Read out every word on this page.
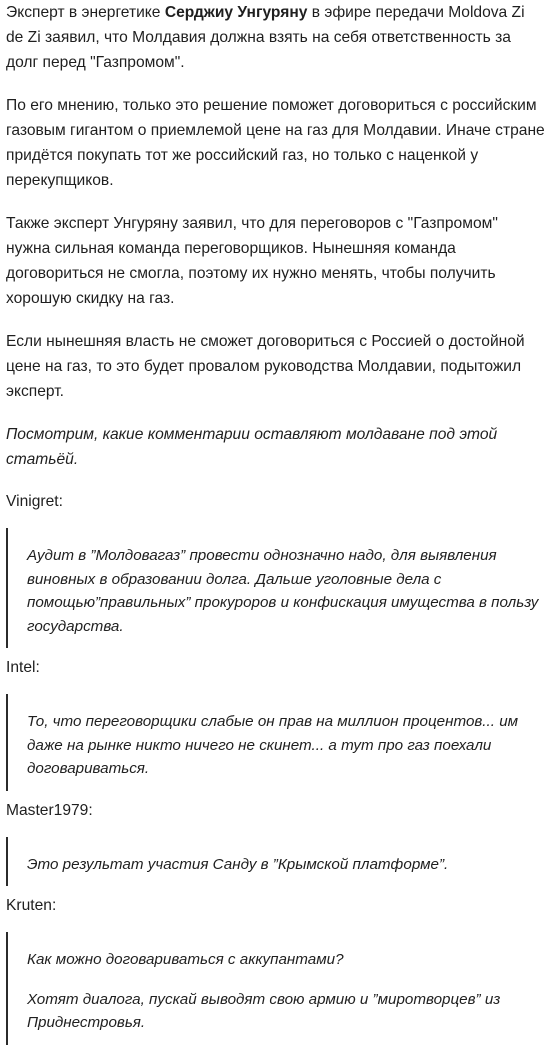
Эксперт в энергетике Серджиу Унгуряну в эфире передачи Moldova Zi de Zi заявил, что Молдавия должна взять на себя ответственность за долг перед "Газпромом".

По его мнению, только это решение поможет договориться с российским газовым гигантом о приемлемой цене на газ для Молдавии. Иначе стране придётся покупать тот же российский газ, но только с наценкой у перекупщиков.

Также эксперт Унгуряну заявил, что для переговоров с "Газпромом" нужна сильная команда переговорщиков. Нынешняя команда договориться не смогла, поэтому их нужно менять, чтобы получить хорошую скидку на газ.

Если нынешняя власть не сможет договориться с Россией о достойной цене на газ, то это будет провалом руководства Молдавии, подытожил эксперт.

Посмотрим, какие комментарии оставляют молдаване под этой статьёй.

Vinigret:

Аудит в ”Молдовагаз” провести однозначно надо, для выявления виновных в образовании долга. Дальше уголовные дела с помощью”правильных” прокуроров и конфискация имущества в пользу государства.

Intel:

То, что переговорщики слабые он прав на миллион процентов... им даже на рынке никто ничего не скинет... а тут про газ поехали договариваться.

Master1979:

Это результат участия Санду в ”Крымской платформе”.

Kruten:

Как можно договариваться с аккупантами?

Хотят диалога, пускай выводят свою армию и ”миротворцев” из Приднестровья.
